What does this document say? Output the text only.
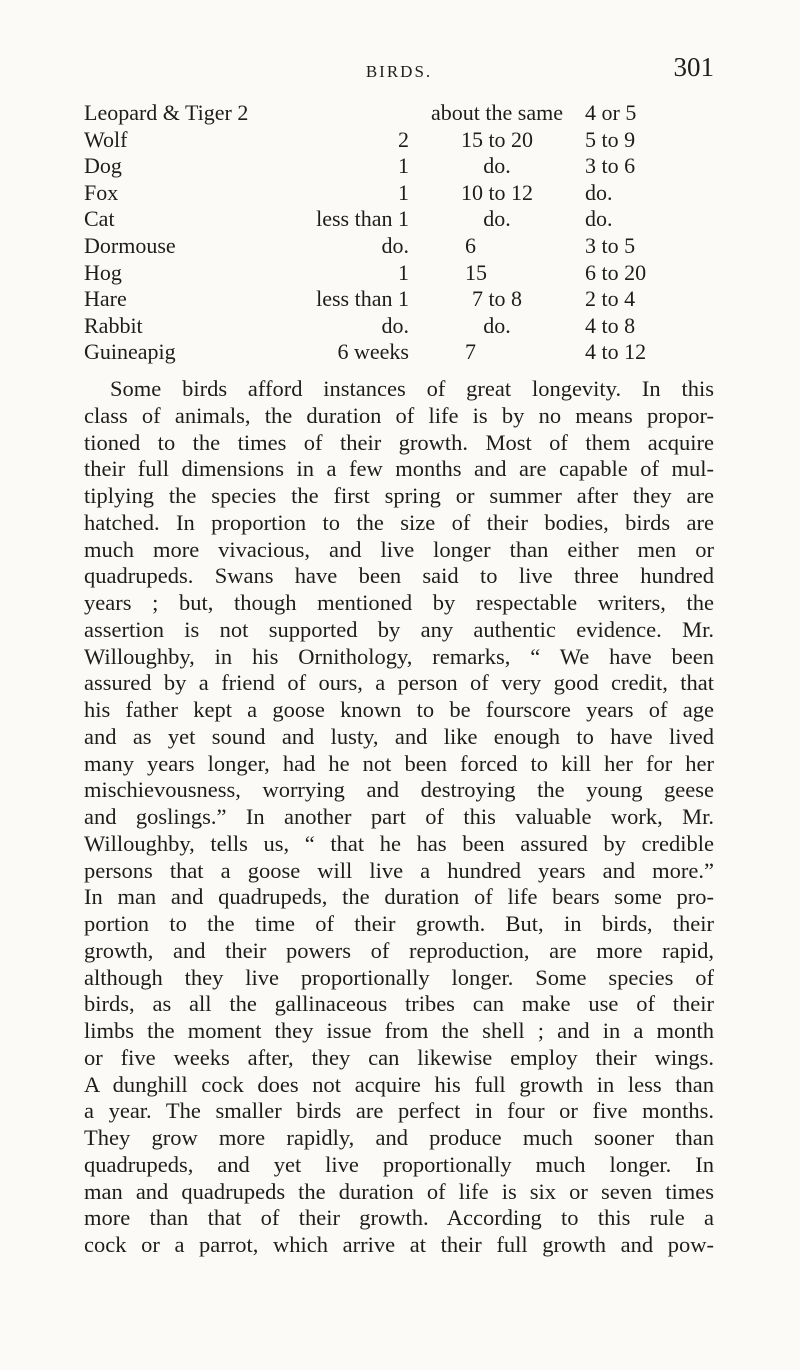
BIRDS.	301
Leopard & Tiger 2		about the same	4 or 5
Wolf	2	15 to 20	5 to 9
Dog	1	do.	3 to 6
Fox	1	10 to 12	do.
Cat	less than 1	do.	do.
Dormouse	do.	6	3 to 5
Hog	1	15	6 to 20
Hare	less than 1	7 to 8	2 to 4
Rabbit	do.	do.	4 to 8
Guineapig	6 weeks	7	4 to 12
Some birds afford instances of great longevity. In this
class of animals, the duration of life is by no means propor-
tioned to the times of their growth. Most of them acquire
their full dimensions in a few months and are capable of mul-
tiplying the species the first spring or summer after they are
hatched. In proportion to the size of their bodies, birds are
much more vivacious, and live longer than either men or
quadrupeds. Swans have been said to live three hundred
years ; but, though mentioned by respectable writers, the
assertion is not supported by any authentic evidence. Mr.
Willoughby, in his Ornithology, remarks, “ We have been
assured by a friend of ours, a person of very good credit, that
his father kept a goose known to be fourscore years of age
and as yet sound and lusty, and like enough to have lived
many years longer, had he not been forced to kill her for her
mischievousness, worrying and destroying the young geese
and goslings.” In another part of this valuable work, Mr.
Willoughby, tells us, “ that he has been assured by credible
persons that a goose will live a hundred years and more.”
In man and quadrupeds, the duration of life bears some pro-
portion to the time of their growth. But, in birds, their
growth, and their powers of reproduction, are more rapid,
although they live proportionally longer. Some species of
birds, as all the gallinaceous tribes can make use of their
limbs the moment they issue from the shell ; and in a month
or five weeks after, they can likewise employ their wings.
A dunghill cock does not acquire his full growth in less than
a year. The smaller birds are perfect in four or five months.
They grow more rapidly, and produce much sooner than
quadrupeds, and yet live proportionally much longer. In
man and quadrupeds the duration of life is six or seven times
more than that of their growth. According to this rule a
cock or a parrot, which arrive at their full growth and pow-
